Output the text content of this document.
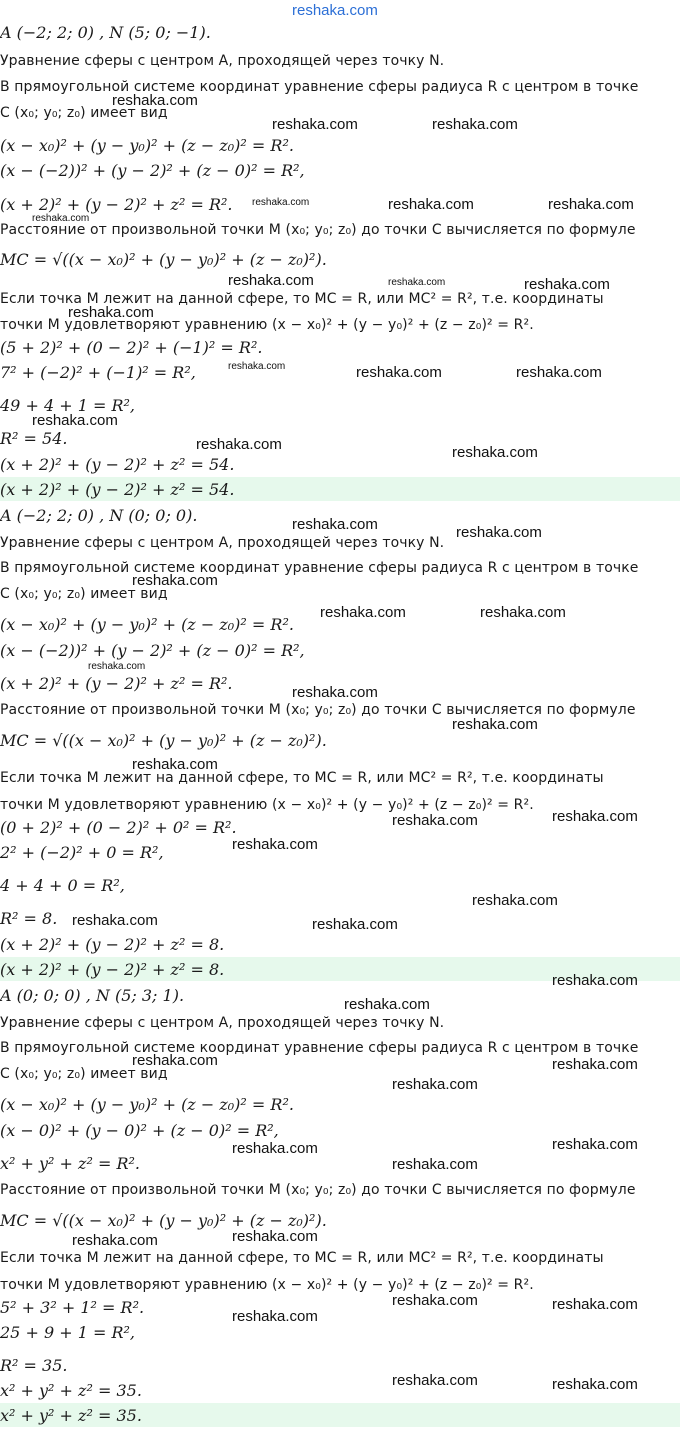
A (−2; 2; 0) , N (5; 0; −1).
Уравнение сферы с центром A, проходящей через точку N.
В прямоугольной системе координат уравнение сферы радиуса R с центром в точке
C (x₀; y₀; z₀) имеет вид
(x − x₀)² + (y − y₀)² + (z − z₀)² = R².
(x − (−2))² + (y − 2)² + (z − 0)² = R²,
(x + 2)² + (y − 2)² + z² = R².
Расстояние от произвольной точки M (x₀; y₀; z₀) до точки C вычисляется по формуле
MC = √((x − x₀)² + (y − y₀)² + (z − z₀)²).
Если точка M лежит на данной сфере, то MC = R, или MC² = R², т.е. координаты
точки M удовлетворяют уравнению (x − x₀)² + (y − y₀)² + (z − z₀)² = R².
(5 + 2)² + (0 − 2)² + (−1)² = R².
7² + (−2)² + (−1)² = R²,
49 + 4 + 1 = R²,
R² = 54.
(x + 2)² + (y − 2)² + z² = 54.
(x + 2)² + (y − 2)² + z² = 54.
A (−2; 2; 0) , N (0; 0; 0).
Уравнение сферы с центром A, проходящей через точку N.
В прямоугольной системе координат уравнение сферы радиуса R с центром в точке
C (x₀; y₀; z₀) имеет вид
(x − x₀)² + (y − y₀)² + (z − z₀)² = R².
(x − (−2))² + (y − 2)² + (z − 0)² = R²,
(x + 2)² + (y − 2)² + z² = R².
Расстояние от произвольной точки M (x₀; y₀; z₀) до точки C вычисляется по формуле
MC = √((x − x₀)² + (y − y₀)² + (z − z₀)²).
Если точка M лежит на данной сфере, то MC = R, или MC² = R², т.е. координаты
точки M удовлетворяют уравнению (x − x₀)² + (y − y₀)² + (z − z₀)² = R².
(0 + 2)² + (0 − 2)² + 0² = R².
2² + (−2)² + 0 = R²,
4 + 4 + 0 = R²,
R² = 8.
(x + 2)² + (y − 2)² + z² = 8.
(x + 2)² + (y − 2)² + z² = 8.
A (0; 0; 0) , N (5; 3; 1).
Уравнение сферы с центром A, проходящей через точку N.
В прямоугольной системе координат уравнение сферы радиуса R с центром в точке
C (x₀; y₀; z₀) имеет вид
(x − x₀)² + (y − y₀)² + (z − z₀)² = R².
(x − 0)² + (y − 0)² + (z − 0)² = R²,
x² + y² + z² = R².
Расстояние от произвольной точки M (x₀; y₀; z₀) до точки C вычисляется по формуле
MC = √((x − x₀)² + (y − y₀)² + (z − z₀)²).
Если точка M лежит на данной сфере, то MC = R, или MC² = R², т.е. координаты
точки M удовлетворяют уравнению (x − x₀)² + (y − y₀)² + (z − z₀)² = R².
5² + 3² + 1² = R².
25 + 9 + 1 = R²,
R² = 35.
x² + y² + z² = 35.
x² + y² + z² = 35.
reshaka.com
reshaka.com
reshaka.com	reshaka.com
reshaka.com	reshaka.com	reshaka.com
reshaka.com
reshaka.com	reshaka.com	reshaka.com
reshaka.com
reshaka.com	reshaka.com	reshaka.com
reshaka.com
reshaka.com	reshaka.com
reshaka.com	reshaka.com
reshaka.com
reshaka.com	reshaka.com
reshaka.com
reshaka.com
reshaka.com
reshaka.com
reshaka.com	reshaka.com
reshaka.com
reshaka.com
reshaka.com	reshaka.com
reshaka.com
reshaka.com
reshaka.com	reshaka.com
reshaka.com
reshaka.com
reshaka.com
reshaka.com
reshaka.com
reshaka.com
reshaka.com	reshaka.com
reshaka.com
reshaka.com	reshaka.com
